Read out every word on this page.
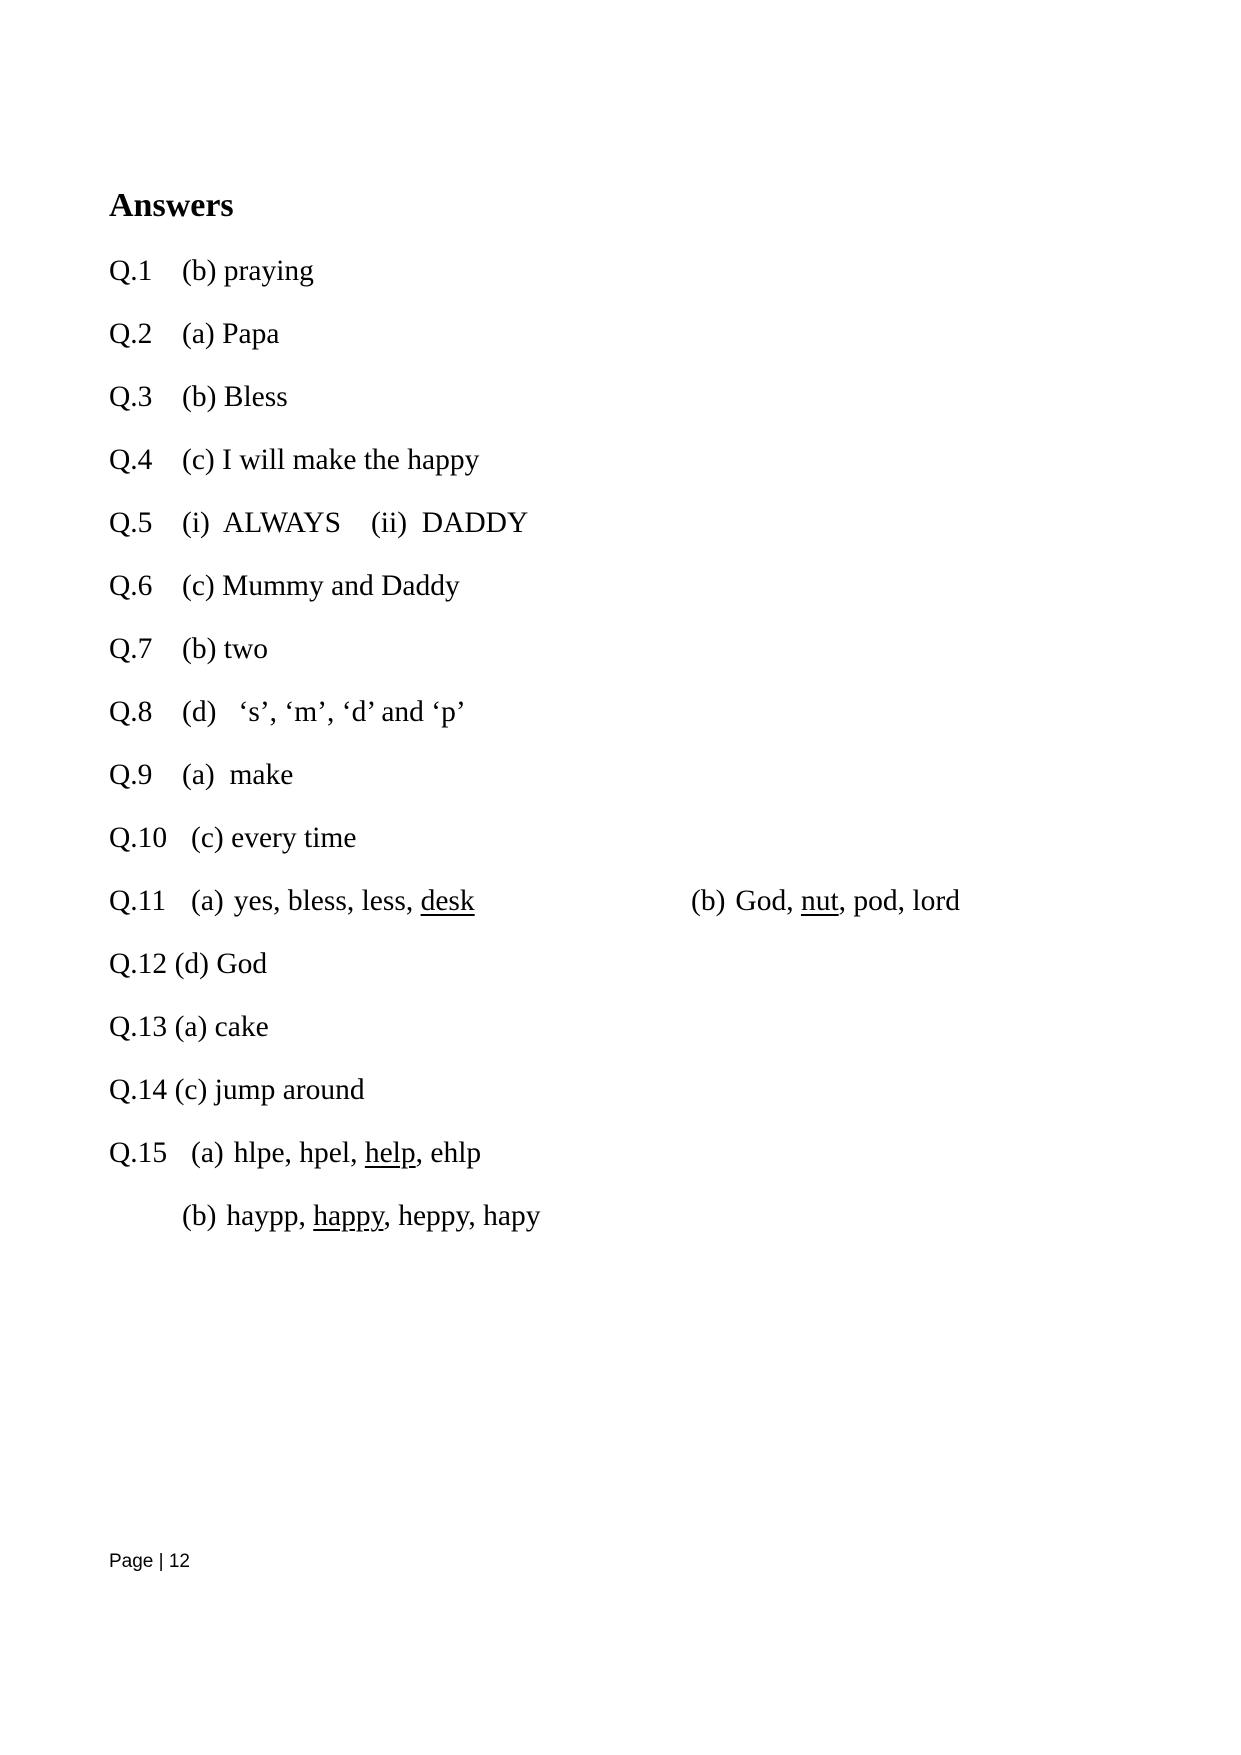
Answers
Q.1 (b) praying
Q.2 (a) Papa
Q.3 (b) Bless
Q.4 (c) I will make the happy
Q.5 (i)  ALWAYS (ii)  DADDY
Q.6 (c) Mummy and Daddy
Q.7 (b) two
Q.8 (d)   ‘s’, ‘m’, ‘d’ and ‘p’
Q.9 (a)  make
Q.10 (c) every time
Q.11 (a) yes, bless, less, desk	(b) God, nut, pod, lord
Q.12 (d) God
Q.13 (a) cake
Q.14 (c) jump around
Q.15 (a) hlpe, hpel, help, ehlp
(b) haypp, happy, heppy, hapy
Page | 12
